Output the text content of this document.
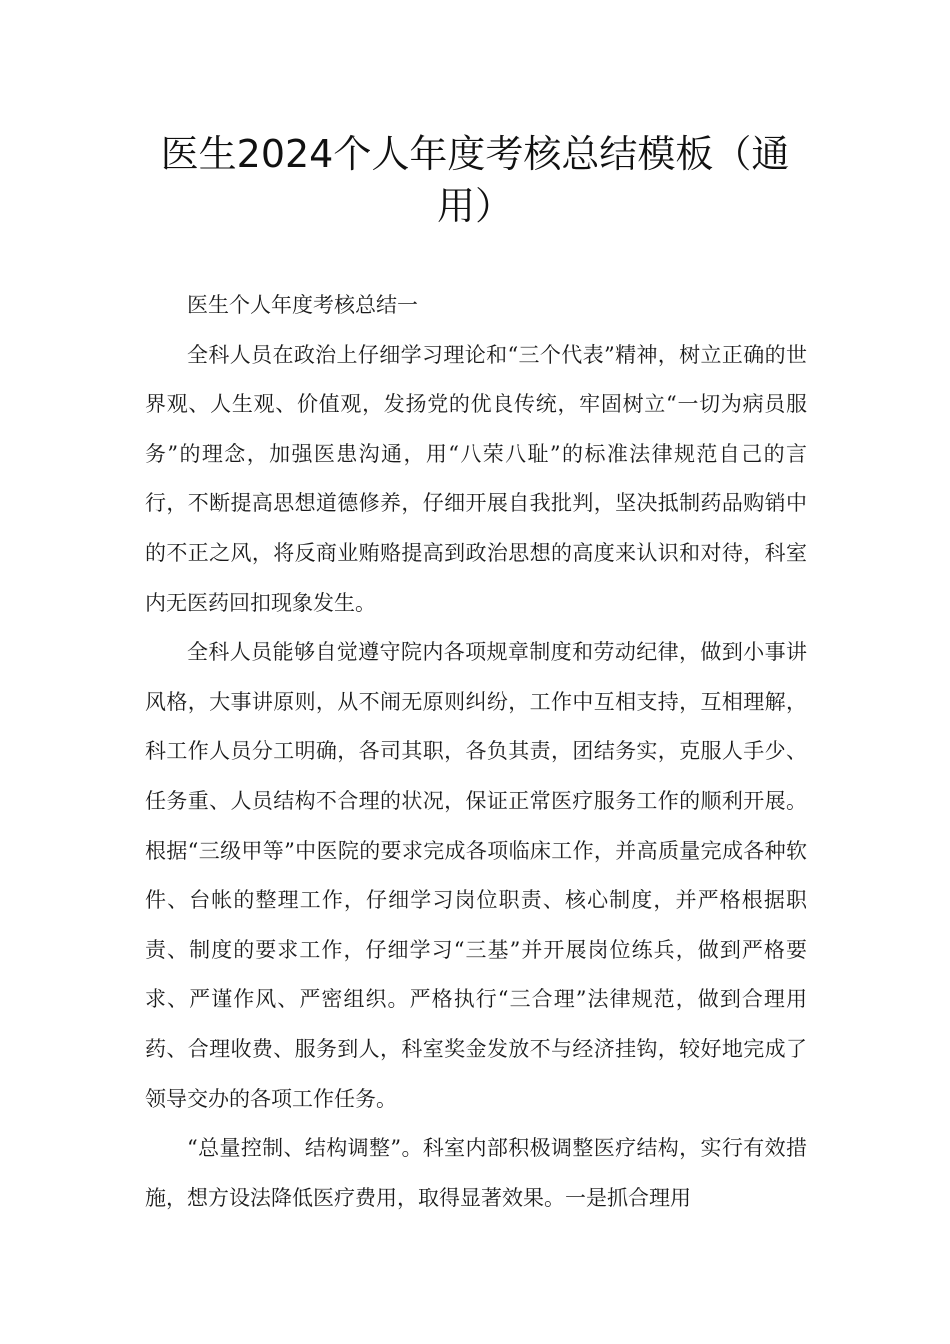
医生2024个人年度考核总结模板（通用）

医生个人年度考核总结一

全科人员在政治上仔细学习理论和“三个代表”精神，树立正确的世界观、人生观、价值观，发扬党的优良传统，牢固树立“一切为病员服务”的理念，加强医患沟通，用“八荣八耻”的标准法律规范自己的言行，不断提高思想道德修养，仔细开展自我批判，坚决抵制药品购销中的不正之风，将反商业贿赂提高到政治思想的高度来认识和对待，科室内无医药回扣现象发生。

全科人员能够自觉遵守院内各项规章制度和劳动纪律，做到小事讲风格，大事讲原则，从不闹无原则纠纷，工作中互相支持，互相理解，科工作人员分工明确，各司其职，各负其责，团结务实，克服人手少、任务重、人员结构不合理的状况，保证正常医疗服务工作的顺利开展。根据“三级甲等”中医院的要求完成各项临床工作，并高质量完成各种软件、台帐的整理工作，仔细学习岗位职责、核心制度，并严格根据职责、制度的要求工作，仔细学习“三基”并开展岗位练兵，做到严格要求、严谨作风、严密组织。严格执行“三合理”法律规范，做到合理用药、合理收费、服务到人，科室奖金发放不与经济挂钩，较好地完成了领导交办的各项工作任务。

“总量控制、结构调整”。科室内部积极调整医疗结构，实行有效措施，想方设法降低医疗费用，取得显著效果。一是抓合理用
